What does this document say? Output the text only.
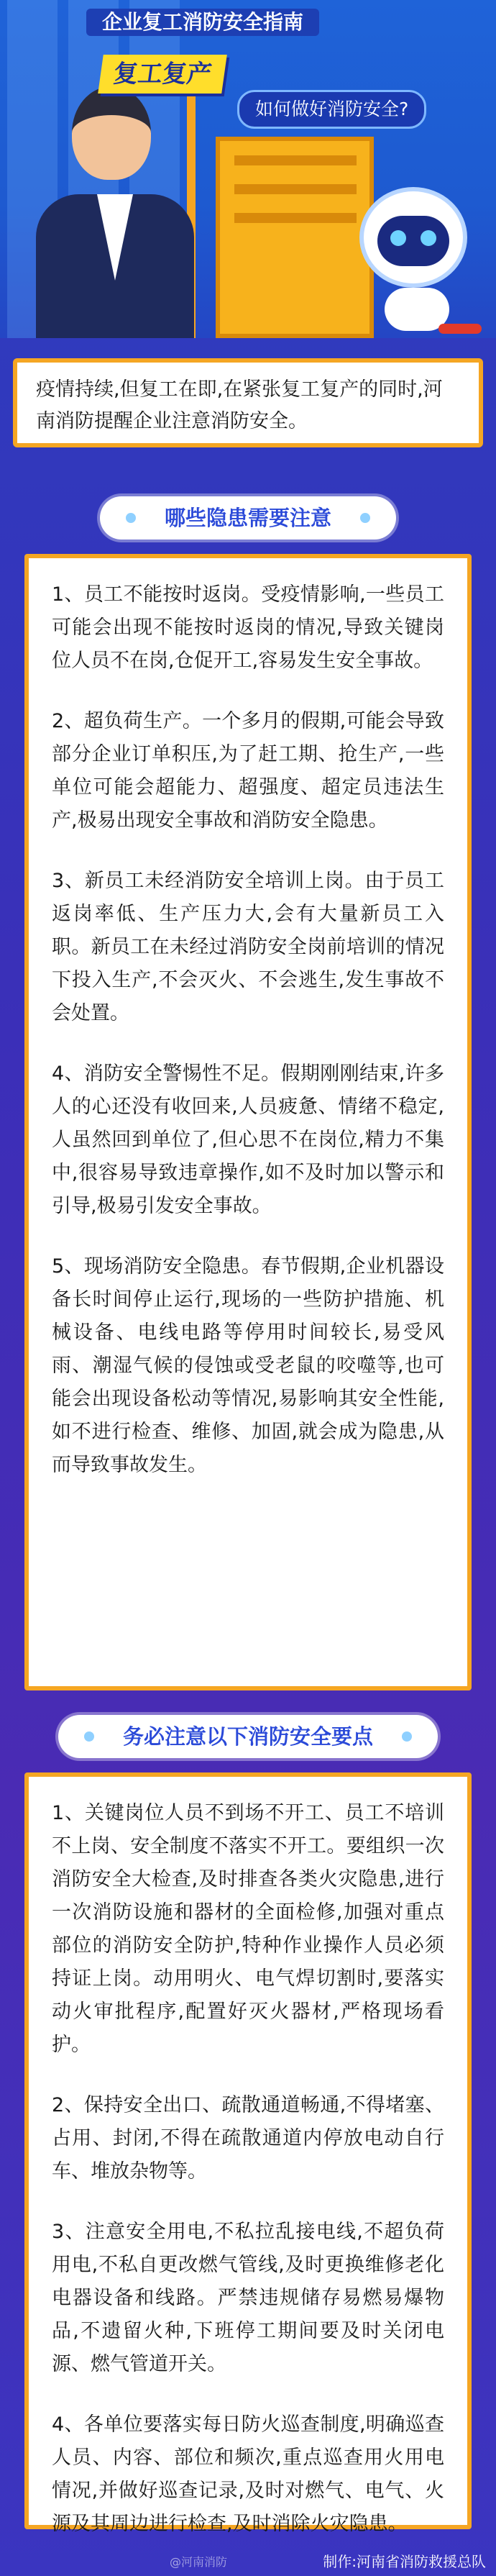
企业复工消防安全指南
复工复产
如何做好消防安全?
疫情持续,但复工在即,在紧张复工复产的同时,河南消防提醒企业注意消防安全。
哪些隐患需要注意

1、员工不能按时返岗。受疫情影响,一些员工可能会出现不能按时返岗的情况,导致关键岗位人员不在岗,仓促开工,容易发生安全事故。

2、超负荷生产。一个多月的假期,可能会导致部分企业订单积压,为了赶工期、抢生产,一些单位可能会超能力、超强度、超定员违法生产,极易出现安全事故和消防安全隐患。

3、新员工未经消防安全培训上岗。由于员工返岗率低、生产压力大,会有大量新员工入职。新员工在未经过消防安全岗前培训的情况下投入生产,不会灭火、不会逃生,发生事故不会处置。

4、消防安全警惕性不足。假期刚刚结束,许多人的心还没有收回来,人员疲惫、情绪不稳定,人虽然回到单位了,但心思不在岗位,精力不集中,很容易导致违章操作,如不及时加以警示和引导,极易引发安全事故。

5、现场消防安全隐患。春节假期,企业机器设备长时间停止运行,现场的一些防护措施、机械设备、电线电路等停用时间较长,易受风雨、潮湿气候的侵蚀或受老鼠的咬噬等,也可能会出现设备松动等情况,易影响其安全性能,如不进行检查、维修、加固,就会成为隐患,从而导致事故发生。

务必注意以下消防安全要点

1、关键岗位人员不到场不开工、员工不培训不上岗、安全制度不落实不开工。要组织一次消防安全大检查,及时排查各类火灾隐患,进行一次消防设施和器材的全面检修,加强对重点部位的消防安全防护,特种作业操作人员必须持证上岗。动用明火、电气焊切割时,要落实动火审批程序,配置好灭火器材,严格现场看护。

2、保持安全出口、疏散通道畅通,不得堵塞、占用、封闭,不得在疏散通道内停放电动自行车、堆放杂物等。

3、注意安全用电,不私拉乱接电线,不超负荷用电,不私自更改燃气管线,及时更换维修老化电器设备和线路。严禁违规储存易燃易爆物品,不遗留火种,下班停工期间要及时关闭电源、燃气管道开关。

4、各单位要落实每日防火巡查制度,明确巡查人员、内容、部位和频次,重点巡查用火用电情况,并做好巡查记录,及时对燃气、电气、火源及其周边进行检查,及时消除火灾隐患。

@河南消防	制作:河南省消防救援总队
